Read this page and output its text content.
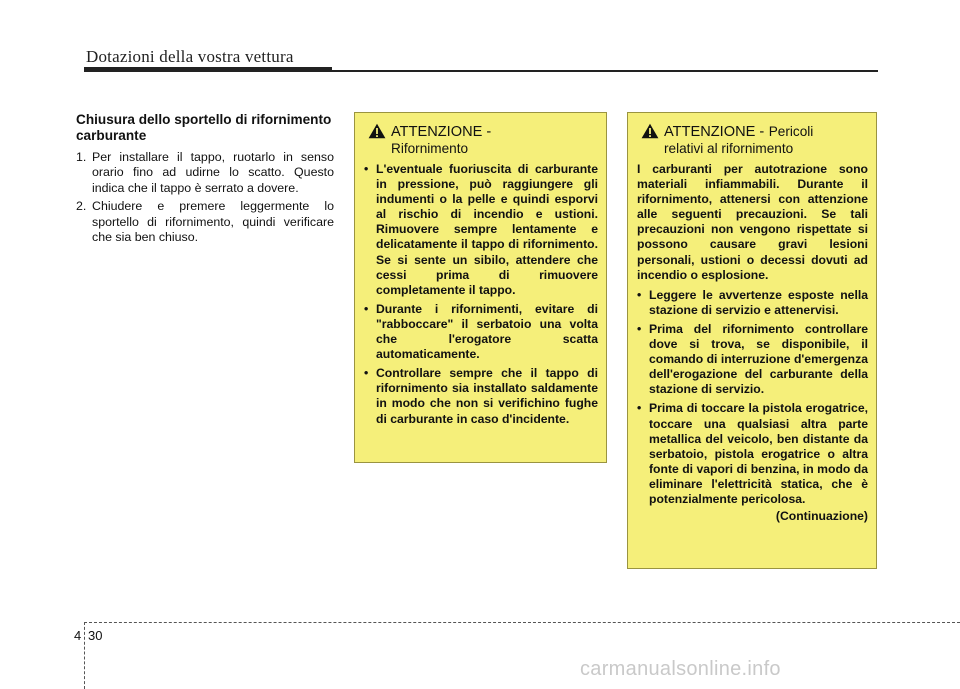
Dotazioni della vostra vettura
Chiusura dello sportello di rifornimento carburante
1. Per installare il tappo, ruotarlo in senso orario fino ad udirne lo scatto. Questo indica che il tappo è serrato a dovere.
2. Chiudere e premere leggermente lo sportello di rifornimento, quindi verificare che sia ben chiuso.
ATTENZIONE -
Rifornimento
• L'eventuale fuoriuscita di carburante in pressione, può raggiungere gli indumenti o la pelle e quindi esporvi al rischio di incendio e ustioni. Rimuovere sempre lentamente e delicatamente il tappo di rifornimento. Se si sente un sibilo, attendere che cessi prima di rimuovere completamente il tappo.
• Durante i rifornimenti, evitare di "rabboccare" il serbatoio una volta che l'erogatore scatta automaticamente.
• Controllare sempre che il tappo di rifornimento sia installato saldamente in modo che non si verifichino fughe di carburante in caso d'incidente.
ATTENZIONE - Pericoli
relativi al rifornimento
I carburanti per autotrazione sono materiali infiammabili. Durante il rifornimento, attenersi con attenzione alle seguenti precauzioni. Se tali precauzioni non vengono rispettate si possono causare gravi lesioni personali, ustioni o decessi dovuti ad incendio o esplosione.
• Leggere le avvertenze esposte nella stazione di servizio e attenervisi.
• Prima del rifornimento controllare dove si trova, se disponibile, il comando di interruzione d'emergenza dell'erogazione del carburante della stazione di servizio.
• Prima di toccare la pistola erogatrice, toccare una qualsiasi altra parte metallica del veicolo, ben distante da serbatoio, pistola erogatrice o altra fonte di vapori di benzina, in modo da eliminare l'elettricità statica, che è potenzialmente pericolosa.
(Continuazione)
4 30
carmanualsonline.info
